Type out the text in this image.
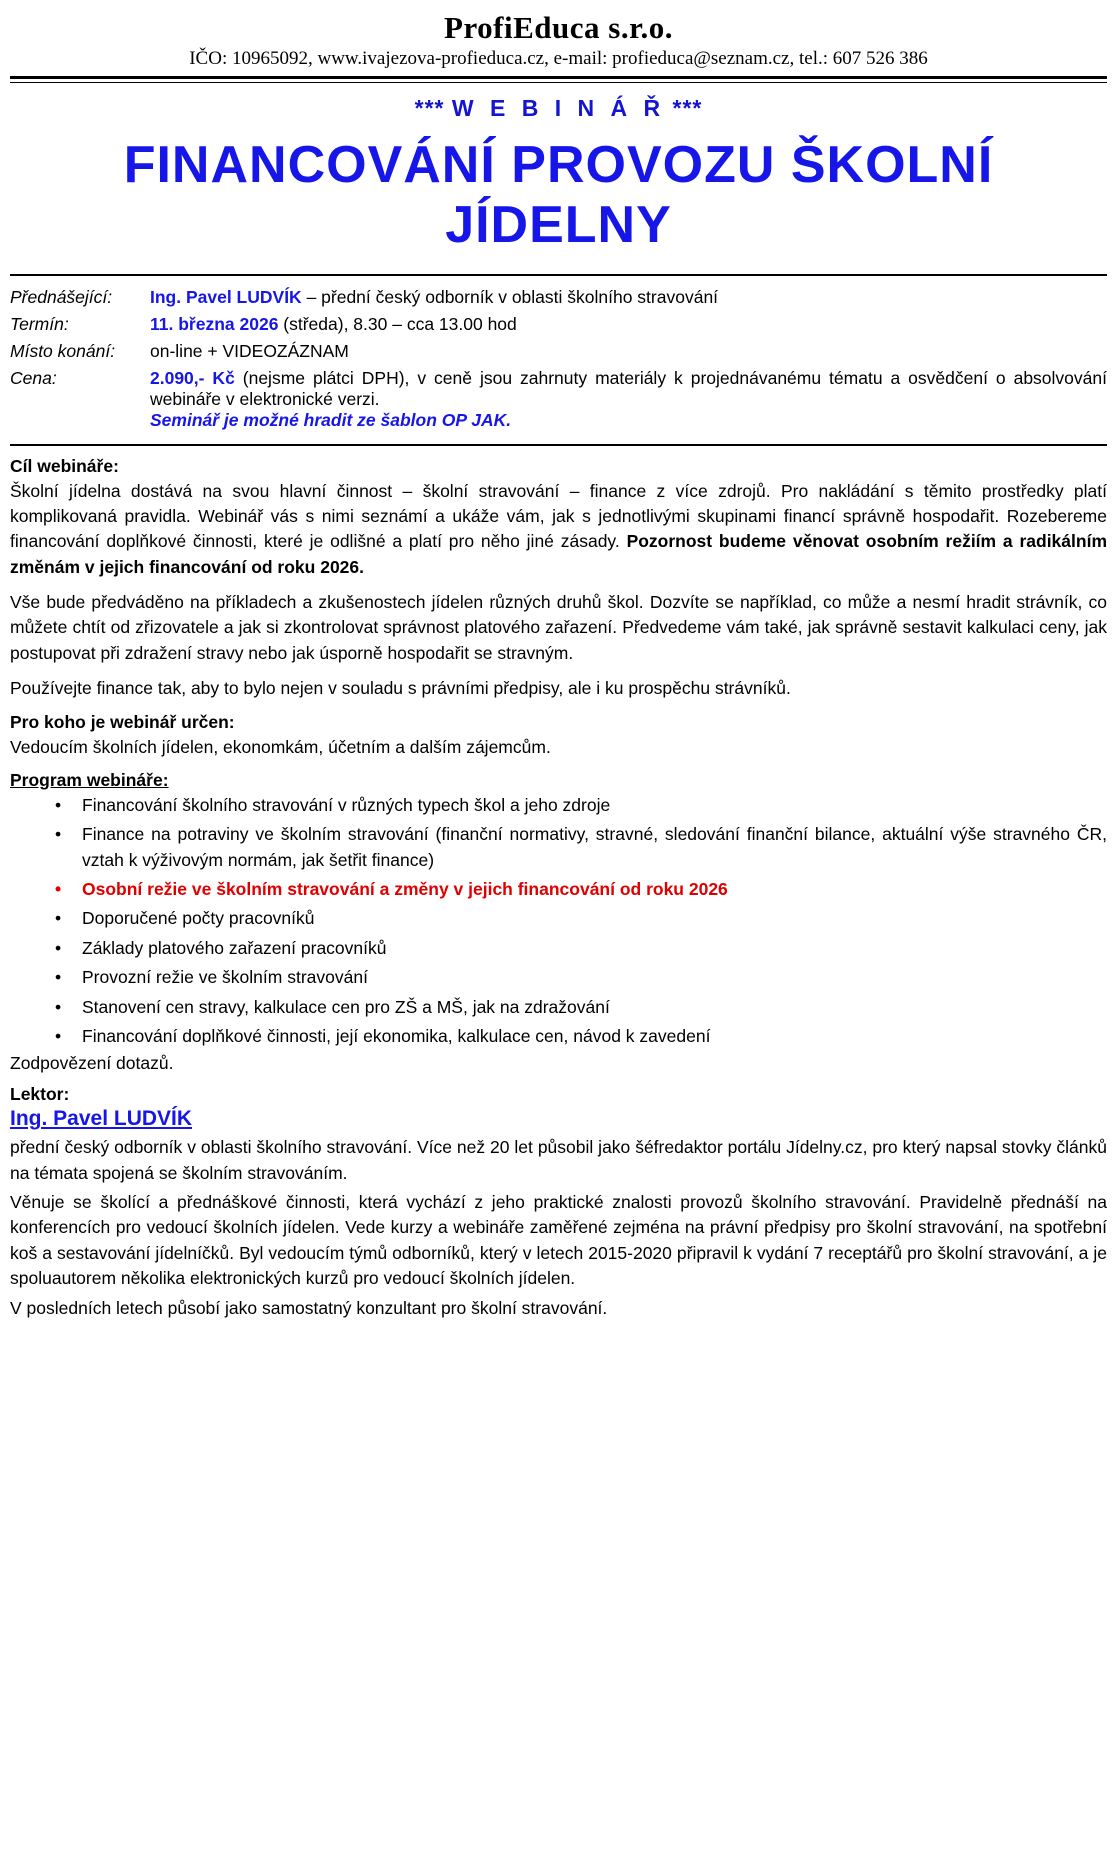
ProfiEduca s.r.o.
IČO: 10965092, www.ivajezova-profieduca.cz, e-mail: profieduca@seznam.cz, tel.: 607 526 386
*** W E B I N Á Ř ***
FINANCOVÁNÍ PROVOZU ŠKOLNÍ JÍDELNY
Přednášející:	Ing. Pavel LUDVÍK – přední český odborník v oblasti školního stravování
Termín:	11. března 2026 (středa), 8.30 – cca 13.00 hod
Místo konání:	on-line + VIDEOZÁZNAM
Cena:	2.090,- Kč (nejsme plátci DPH), v ceně jsou zahrnuty materiály k projednávanému tématu a osvědčení o absolvování webináře v elektronické verzi.
Seminář je možné hradit ze šablon OP JAK.
Cíl webináře:

Školní jídelna dostává na svou hlavní činnost – školní stravování – finance z více zdrojů. Pro nakládání s těmito prostředky platí komplikovaná pravidla. Webinář vás s nimi seznámí a ukáže vám, jak s jednotlivými skupinami financí správně hospodařit. Rozebereme financování doplňkové činnosti, které je odlišné a platí pro něho jiné zásady. Pozornost budeme věnovat osobním režiím a radikálním změnám v jejich financování od roku 2026.

Vše bude předváděno na příkladech a zkušenostech jídelen různých druhů škol. Dozvíte se například, co může a nesmí hradit strávník, co můžete chtít od zřizovatele a jak si zkontrolovat správnost platového zařazení. Předvedeme vám také, jak správně sestavit kalkulaci ceny, jak postupovat při zdražení stravy nebo jak úsporně hospodařit se stravným.

Používejte finance tak, aby to bylo nejen v souladu s právními předpisy, ale i ku prospěchu strávníků.

Pro koho je webinář určen:

Vedoucím školních jídelen, ekonomkám, účetním a dalším zájemcům.

Program webináře:
• Financování školního stravování v různých typech škol a jeho zdroje
• Finance na potraviny ve školním stravování (finanční normativy, stravné, sledování finanční bilance, aktuální výše stravného ČR, vztah k výživovým normám, jak šetřit finance)
• Osobní režie ve školním stravování a změny v jejich financování od roku 2026
• Doporučené počty pracovníků
• Základy platového zařazení pracovníků
• Provozní režie ve školním stravování
• Stanovení cen stravy, kalkulace cen pro ZŠ a MŠ, jak na zdražování
• Financování doplňkové činnosti, její ekonomika, kalkulace cen, návod k zavedení
Zodpovězení dotazů.
Lektor:
Ing. Pavel LUDVÍK

přední český odborník v oblasti školního stravování. Více než 20 let působil jako šéfredaktor portálu Jídelny.cz, pro který napsal stovky článků na témata spojená se školním stravováním.

Věnuje se školící a přednáškové činnosti, která vychází z jeho praktické znalosti provozů školního stravování. Pravidelně přednáší na konferencích pro vedoucí školních jídelen. Vede kurzy a webináře zaměřené zejména na právní předpisy pro školní stravování, na spotřební koš a sestavování jídelníčků. Byl vedoucím týmů odborníků, který v letech 2015-2020 připravil k vydání 7 receptářů pro školní stravování, a je spoluautorem několika elektronických kurzů pro vedoucí školních jídelen.

V posledních letech působí jako samostatný konzultant pro školní stravování.
